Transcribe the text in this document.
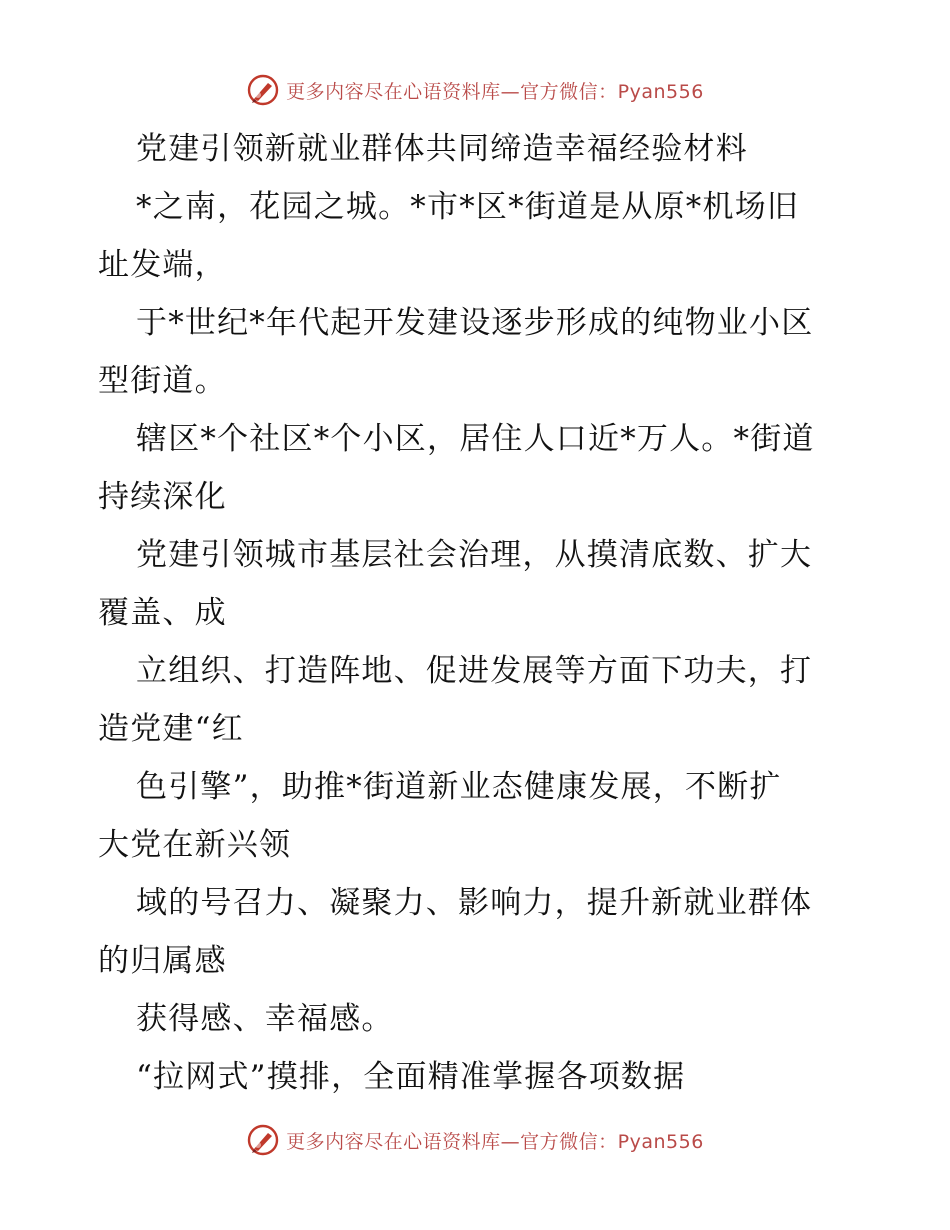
更多内容尽在心语资料库—官方微信：Pyan556
党建引领新就业群体共同缔造幸福经验材料
*之南，花园之城。*市*区*街道是从原*机场旧
址发端，
于*世纪*年代起开发建设逐步形成的纯物业小区
型街道。
辖区*个社区*个小区，居住人口近*万人。*街道
持续深化
党建引领城市基层社会治理，从摸清底数、扩大
覆盖、成
立组织、打造阵地、促进发展等方面下功夫，打
造党建“红
色引擎”，助推*街道新业态健康发展，不断扩
大党在新兴领
域的号召力、凝聚力、影响力，提升新就业群体
的归属感
获得感、幸福感。
“拉网式”摸排，全面精准掌握各项数据
更多内容尽在心语资料库—官方微信：Pyan556
